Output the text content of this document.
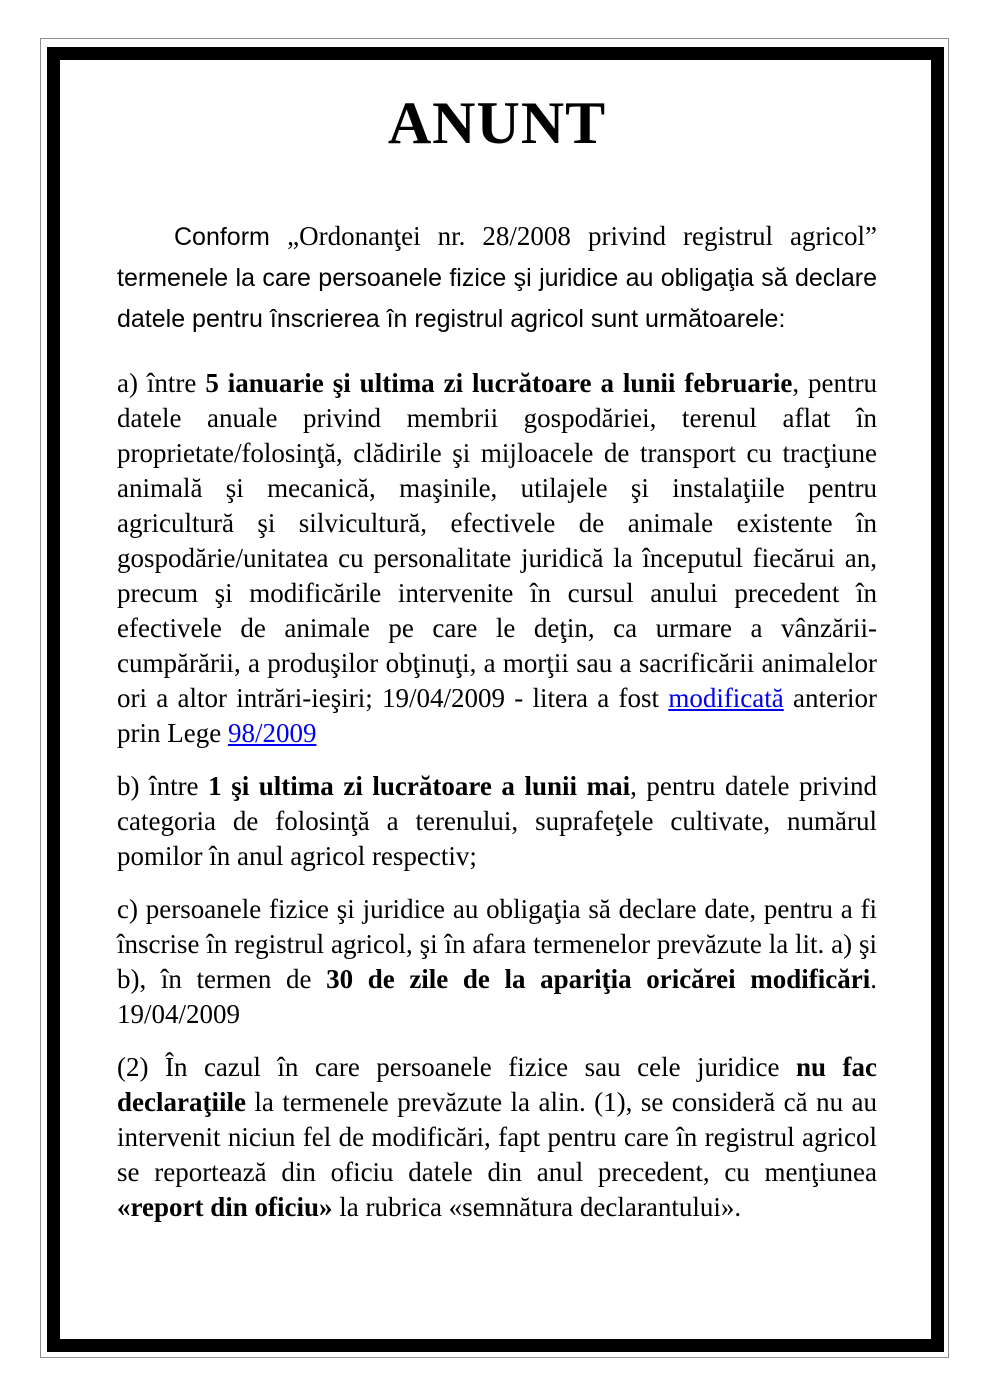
ANUNT

Conform „Ordonanţei nr. 28/2008 privind registrul agricol” termenele la care persoanele fizice şi juridice au obligaţia să declare datele pentru înscrierea în registrul agricol sunt următoarele:

a) între 5 ianuarie şi ultima zi lucrătoare a lunii februarie, pentru datele anuale privind membrii gospodăriei, terenul aflat în proprietate/folosinţă, clădirile şi mijloacele de transport cu tracţiune animală şi mecanică, maşinile, utilajele şi instalaţiile pentru agricultură şi silvicultură, efectivele de animale existente în gospodărie/unitatea cu personalitate juridică la începutul fiecărui an, precum şi modificările intervenite în cursul anului precedent în efectivele de animale pe care le deţin, ca urmare a vânzării-cumpărării, a produşilor obţinuţi, a morţii sau a sacrificării animalelor ori a altor intrări-ieşiri; 19/04/2009 - litera a fost modificată anterior prin Lege 98/2009

b) între 1 şi ultima zi lucrătoare a lunii mai, pentru datele privind categoria de folosinţă a terenului, suprafeţele cultivate, numărul pomilor în anul agricol respectiv;

c) persoanele fizice şi juridice au obligaţia să declare date, pentru a fi înscrise în registrul agricol, şi în afara termenelor prevăzute la lit. a) şi b), în termen de 30 de zile de la apariţia oricărei modificări. 19/04/2009

(2) În cazul în care persoanele fizice sau cele juridice nu fac declaraţiile la termenele prevăzute la alin. (1), se consideră că nu au intervenit niciun fel de modificări, fapt pentru care în registrul agricol se reportează din oficiu datele din anul precedent, cu menţiunea «report din oficiu» la rubrica «semnătura declarantului».
